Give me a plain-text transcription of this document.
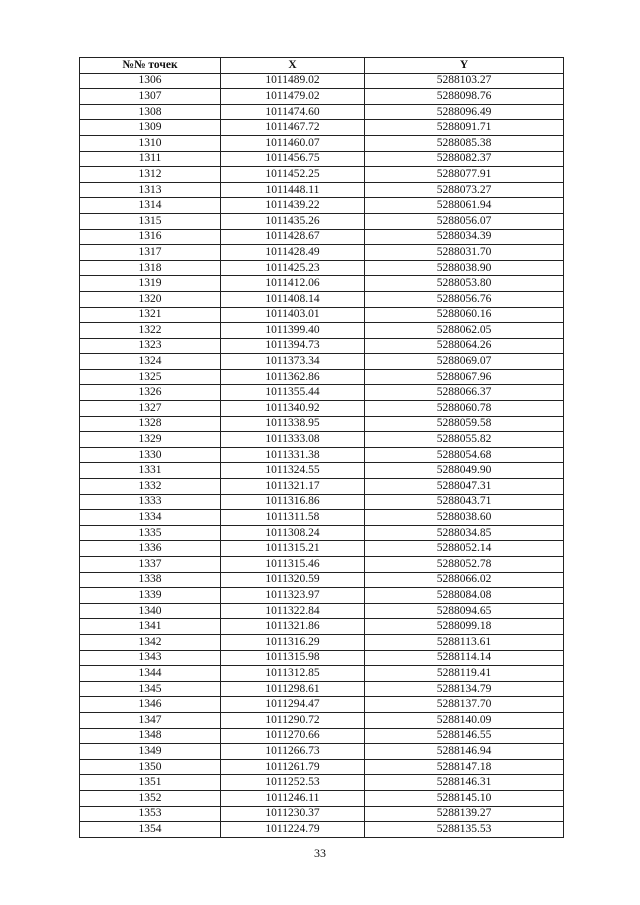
№№ точек	X	Y
1306	1011489.02	5288103.27
1307	1011479.02	5288098.76
1308	1011474.60	5288096.49
1309	1011467.72	5288091.71
1310	1011460.07	5288085.38
1311	1011456.75	5288082.37
1312	1011452.25	5288077.91
1313	1011448.11	5288073.27
1314	1011439.22	5288061.94
1315	1011435.26	5288056.07
1316	1011428.67	5288034.39
1317	1011428.49	5288031.70
1318	1011425.23	5288038.90
1319	1011412.06	5288053.80
1320	1011408.14	5288056.76
1321	1011403.01	5288060.16
1322	1011399.40	5288062.05
1323	1011394.73	5288064.26
1324	1011373.34	5288069.07
1325	1011362.86	5288067.96
1326	1011355.44	5288066.37
1327	1011340.92	5288060.78
1328	1011338.95	5288059.58
1329	1011333.08	5288055.82
1330	1011331.38	5288054.68
1331	1011324.55	5288049.90
1332	1011321.17	5288047.31
1333	1011316.86	5288043.71
1334	1011311.58	5288038.60
1335	1011308.24	5288034.85
1336	1011315.21	5288052.14
1337	1011315.46	5288052.78
1338	1011320.59	5288066.02
1339	1011323.97	5288084.08
1340	1011322.84	5288094.65
1341	1011321.86	5288099.18
1342	1011316.29	5288113.61
1343	1011315.98	5288114.14
1344	1011312.85	5288119.41
1345	1011298.61	5288134.79
1346	1011294.47	5288137.70
1347	1011290.72	5288140.09
1348	1011270.66	5288146.55
1349	1011266.73	5288146.94
1350	1011261.79	5288147.18
1351	1011252.53	5288146.31
1352	1011246.11	5288145.10
1353	1011230.37	5288139.27
1354	1011224.79	5288135.53
33
